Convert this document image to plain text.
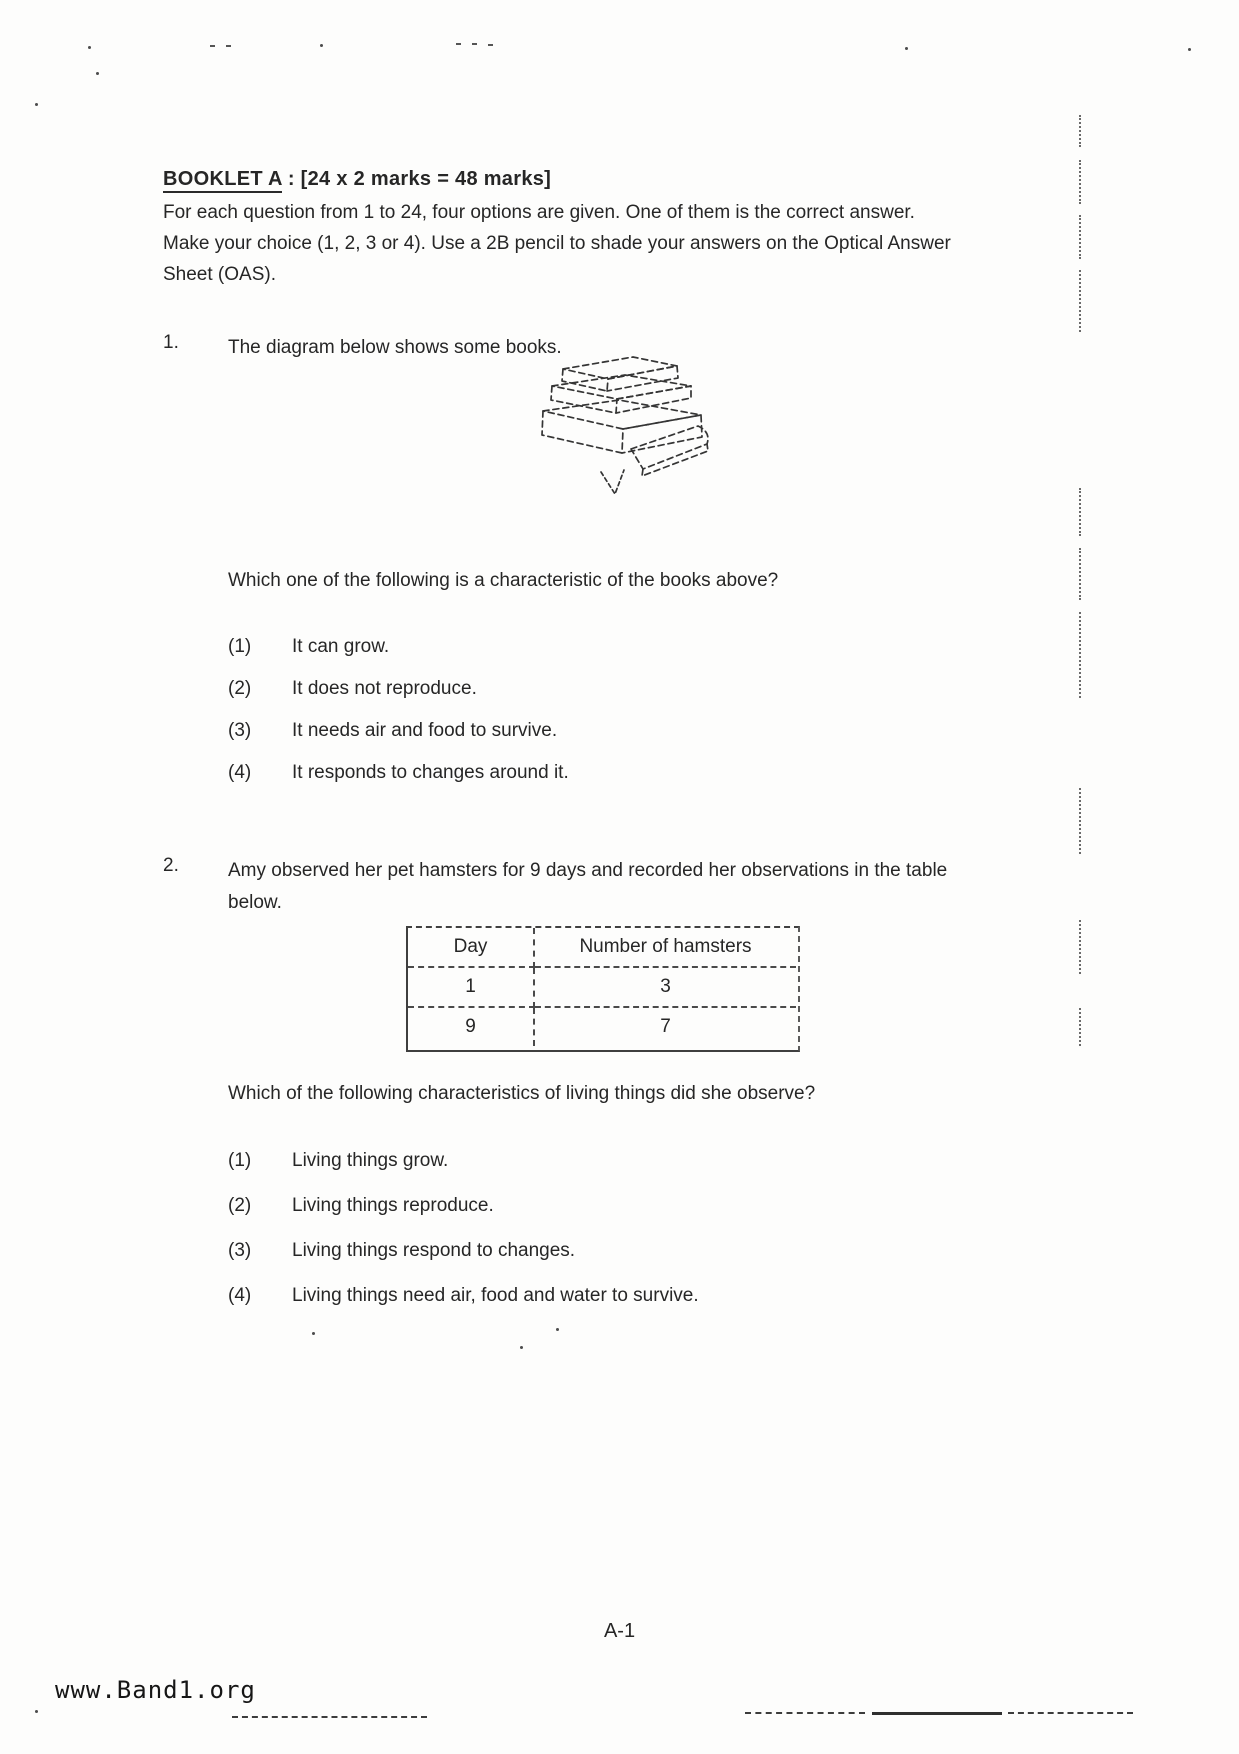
BOOKLET A : [24 x 2 marks = 48 marks]
For each question from 1 to 24, four options are given. One of them is the correct answer. Make your choice (1, 2, 3 or 4). Use a 2B pencil to shade your answers on the Optical Answer Sheet (OAS).
1.	The diagram below shows some books.
Which one of the following is a characteristic of the books above?
(1)	It can grow.
(2)	It does not reproduce.
(3)	It needs air and food to survive.
(4)	It responds to changes around it.
2.	Amy observed her pet hamsters for 9 days and recorded her observations in the table below.
Day	Number of hamsters
1	3
9	7
Which of the following characteristics of living things did she observe?
(1)	Living things grow.
(2)	Living things reproduce.
(3)	Living things respond to changes.
(4)	Living things need air, food and water to survive.
A-1
www.Band1.org
